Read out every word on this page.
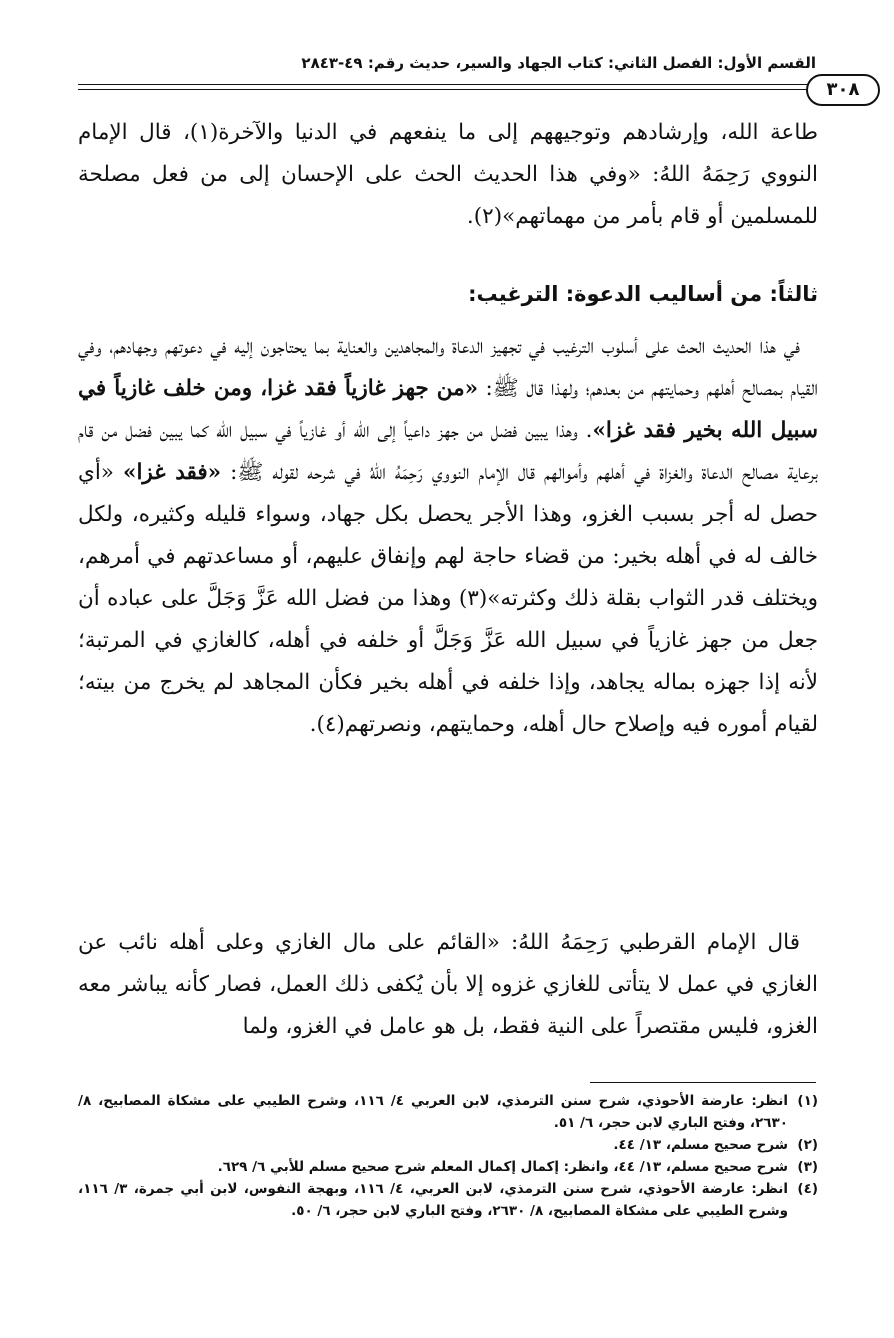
القسم الأول: الفصل الثاني: كتاب الجهاد والسير، حديث رقم: ٤٩-٢٨٤٣
٣٠٨
طاعة الله، وإرشادهم وتوجيههم إلى ما ينفعهم في الدنيا والآخرة(١)، قال الإمام النووي رَحِمَهُ اللهُ: «وفي هذا الحديث الحث على الإحسان إلى من فعل مصلحة للمسلمين أو قام بأمر من مهماتهم»(٢).
ثالثاً: من أساليب الدعوة: الترغيب:
في هذا الحديث الحث على أسلوب الترغيب في تجهيز الدعاة والمجاهدين والعناية بما يحتاجون إليه في دعوتهم وجهادهم، وفي القيام بمصالح أهلهم وحمايتهم من بعدهم؛ ولهذا قال ﷺ: «من جهز غازياً فقد غزا، ومن خلف غازياً في سبيل الله بخير فقد غزا». وهذا يبين فضل من جهز داعياً إلى الله أو غازياً في سبيل الله كما يبين فضل من قام برعاية مصالح الدعاة والغزاة في أهلهم وأموالهم قال الإمام النووي رَحِمَهُ اللهُ في شرحه لقوله ﷺ: «فقد غزا» «أي حصل له أجر بسبب الغزو، وهذا الأجر يحصل بكل جهاد، وسواء قليله وكثيره، ولكل خالف له في أهله بخير: من قضاء حاجة لهم وإنفاق عليهم، أو مساعدتهم في أمرهم، ويختلف قدر الثواب بقلة ذلك وكثرته»(٣) وهذا من فضل الله عَزَّ وَجَلَّ على عباده أن جعل من جهز غازياً في سبيل الله عَزَّ وَجَلَّ أو خلفه في أهله، كالغازي في المرتبة؛ لأنه إذا جهزه بماله يجاهد، وإذا خلفه في أهله بخير فكأن المجاهد لم يخرج من بيته؛ لقيام أموره فيه وإصلاح حال أهله، وحمايتهم، ونصرتهم(٤).
قال الإمام القرطبي رَحِمَهُ اللهُ: «القائم على مال الغازي وعلى أهله نائب عن الغازي في عمل لا يتأتى للغازي غزوه إلا بأن يُكفى ذلك العمل، فصار كأنه يباشر معه الغزو، فليس مقتصراً على النية فقط، بل هو عامل في الغزو، ولما
(١)
انظر: عارضة الأحوذي، شرح سنن الترمذي، لابن العربي ٤/ ١١٦، وشرح الطيبي على مشكاة المصابيح، ٨/ ٢٦٣٠، وفتح الباري لابن حجر، ٦/ ٥١.
(٢)
شرح صحيح مسلم، ١٣/ ٤٤.
(٣)
شرح صحيح مسلم، ١٣/ ٤٤، وانظر: إكمال إكمال المعلم شرح صحيح مسلم للأبي ٦/ ٦٢٩.
(٤)
انظر: عارضة الأحوذي، شرح سنن الترمذي، لابن العربي، ٤/ ١١٦، وبهجة النفوس، لابن أبي جمرة، ٣/ ١١٦، وشرح الطيبي على مشكاة المصابيح، ٨/ ٢٦٣٠، وفتح الباري لابن حجر، ٦/ ٥٠.
